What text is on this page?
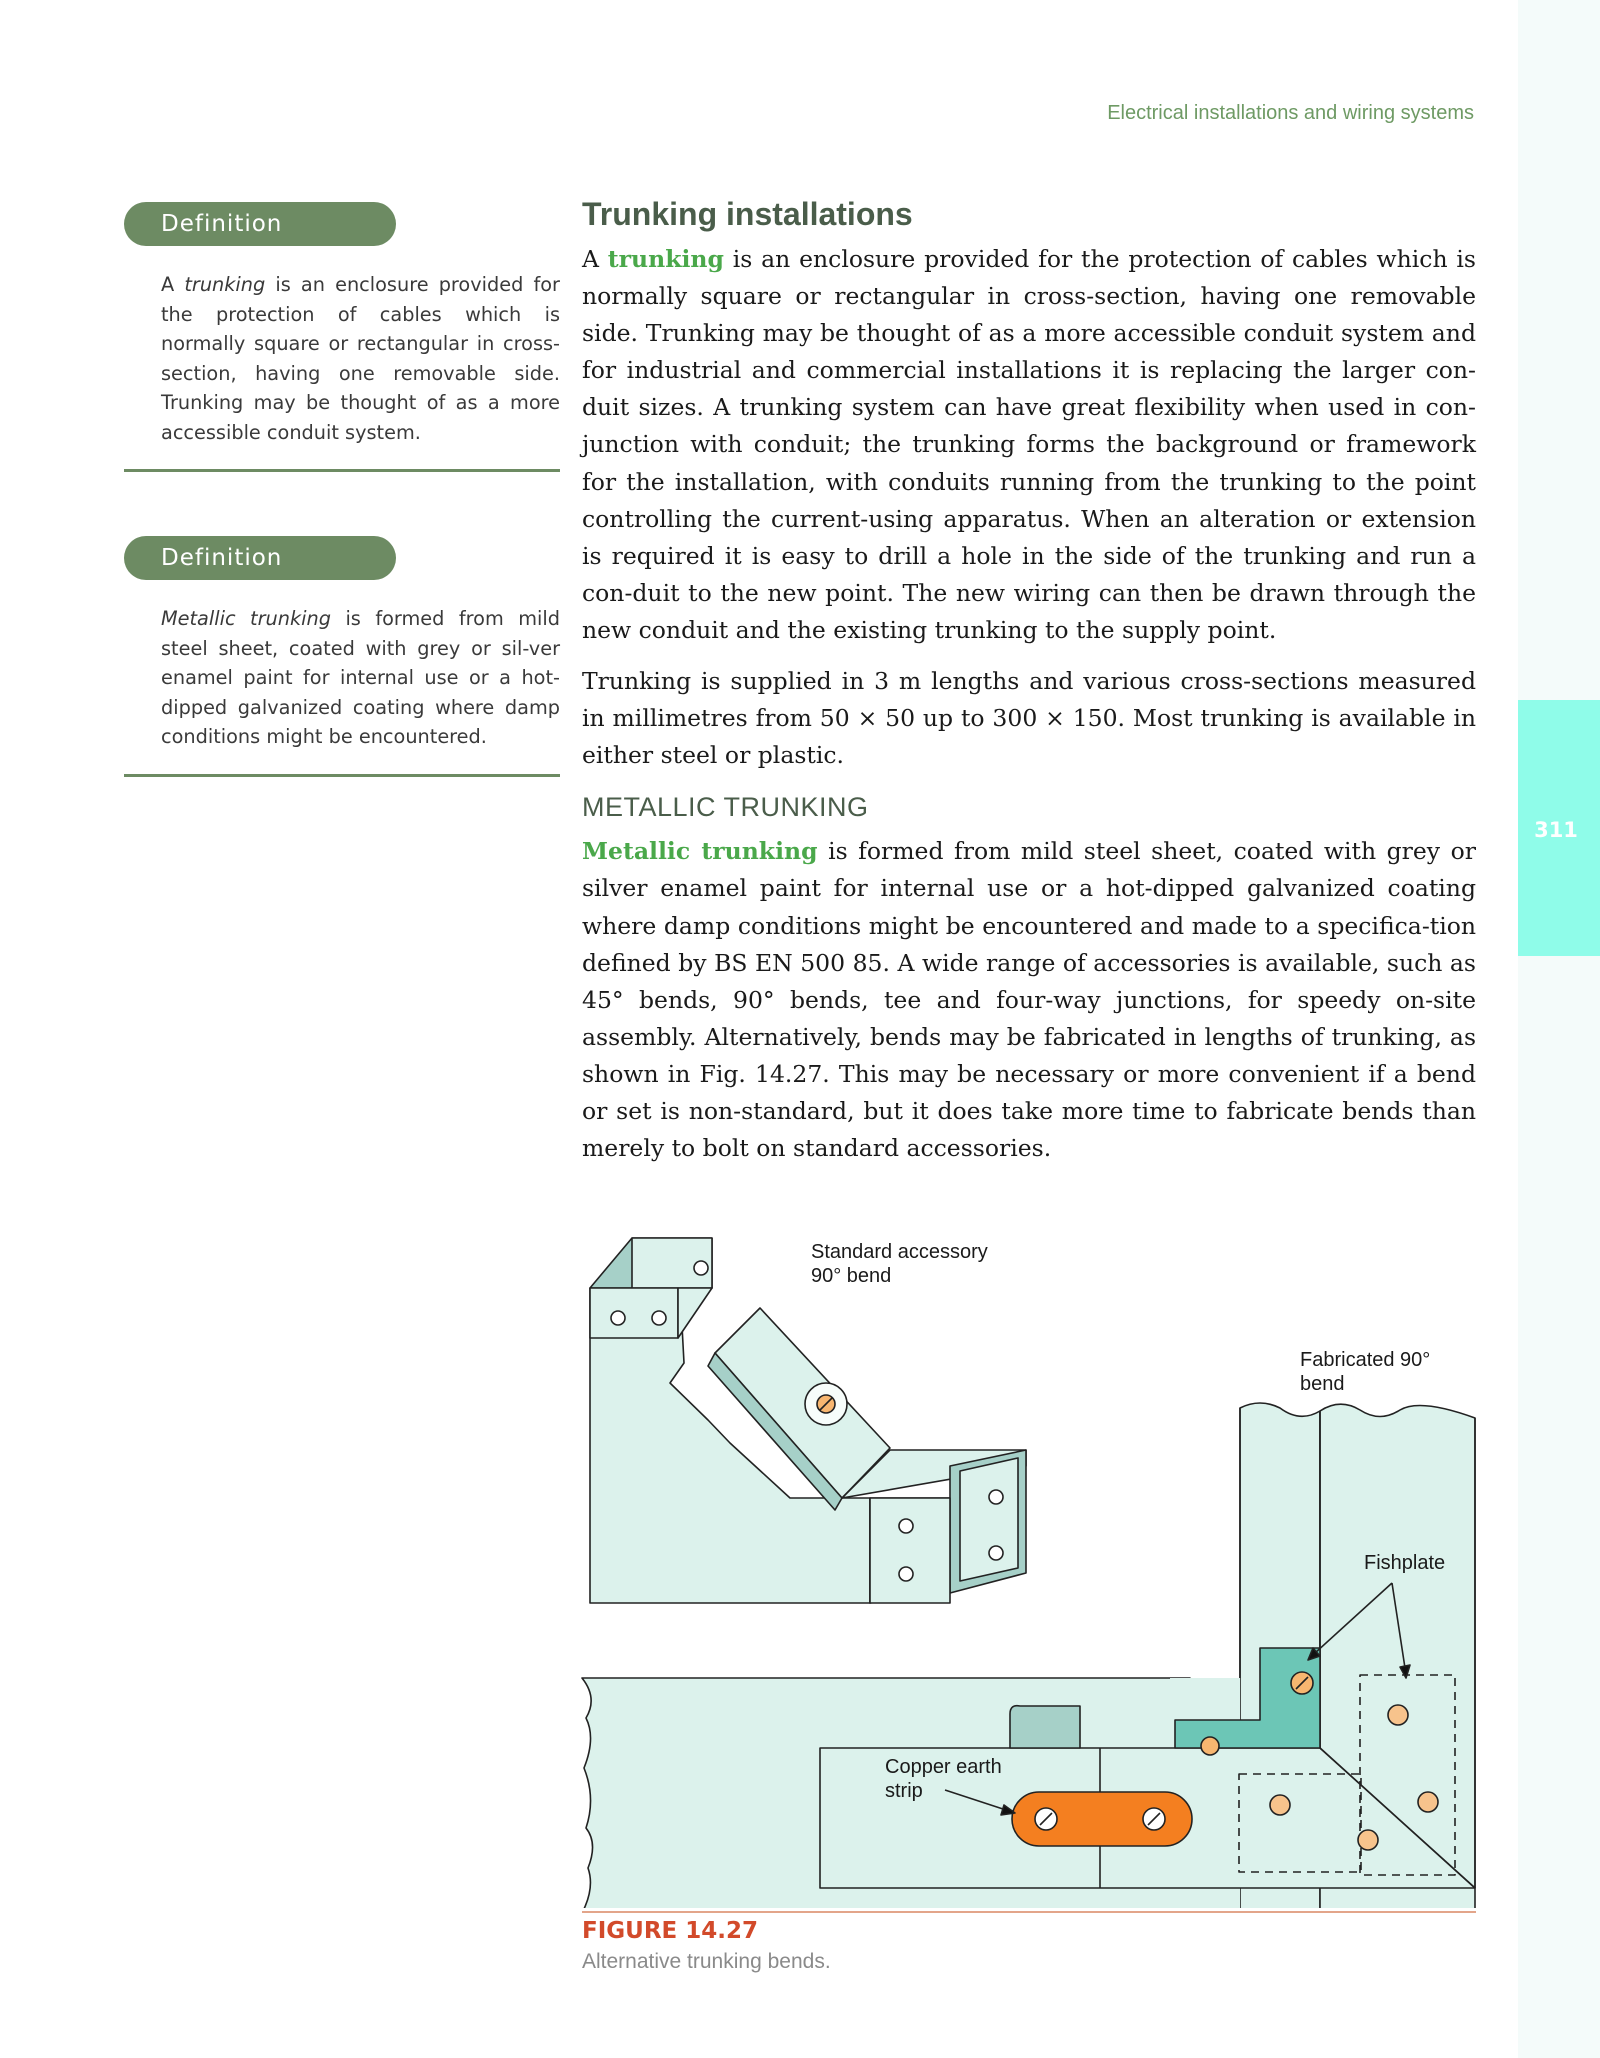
Electrical installations and wiring systems
311
Definition
A trunking is an enclosure provided for the protection of cables which is normally square or rectangular in cross-section, having one removable side. Trunking may be thought of as a more accessible conduit system.
Definition
Metallic trunking is formed from mild steel sheet, coated with grey or sil-ver enamel paint for internal use or a hot-dipped galvanized coating where damp conditions might be encountered.
Trunking installations

A trunking is an enclosure provided for the protection of cables which is normally square or rectangular in cross-section, having one removable side. Trunking may be thought of as a more accessible conduit system and for industrial and commercial installations it is replacing the larger con-duit sizes. A trunking system can have great flexibility when used in con-junction with conduit; the trunking forms the background or framework for the installation, with conduits running from the trunking to the point controlling the current-using apparatus. When an alteration or extension is required it is easy to drill a hole in the side of the trunking and run a con-duit to the new point. The new wiring can then be drawn through the new conduit and the existing trunking to the supply point.

Trunking is supplied in 3 m lengths and various cross-sections measured in millimetres from 50 × 50 up to 300 × 150. Most trunking is available in either steel or plastic.

METALLIC TRUNKING

Metallic trunking is formed from mild steel sheet, coated with grey or silver enamel paint for internal use or a hot-dipped galvanized coating where damp conditions might be encountered and made to a specifica-tion defined by BS EN 500 85. A wide range of accessories is available, such as 45° bends, 90° bends, tee and four-way junctions, for speedy on-site assembly. Alternatively, bends may be fabricated in lengths of trunking, as shown in Fig. 14.27. This may be necessary or more convenient if a bend or set is non-standard, but it does take more time to fabricate bends than merely to bolt on standard accessories.

Standard accessory
90° bend
Fabricated 90°
bend
Fishplate
Copper earth
strip
FIGURE 14.27
Alternative trunking bends.
